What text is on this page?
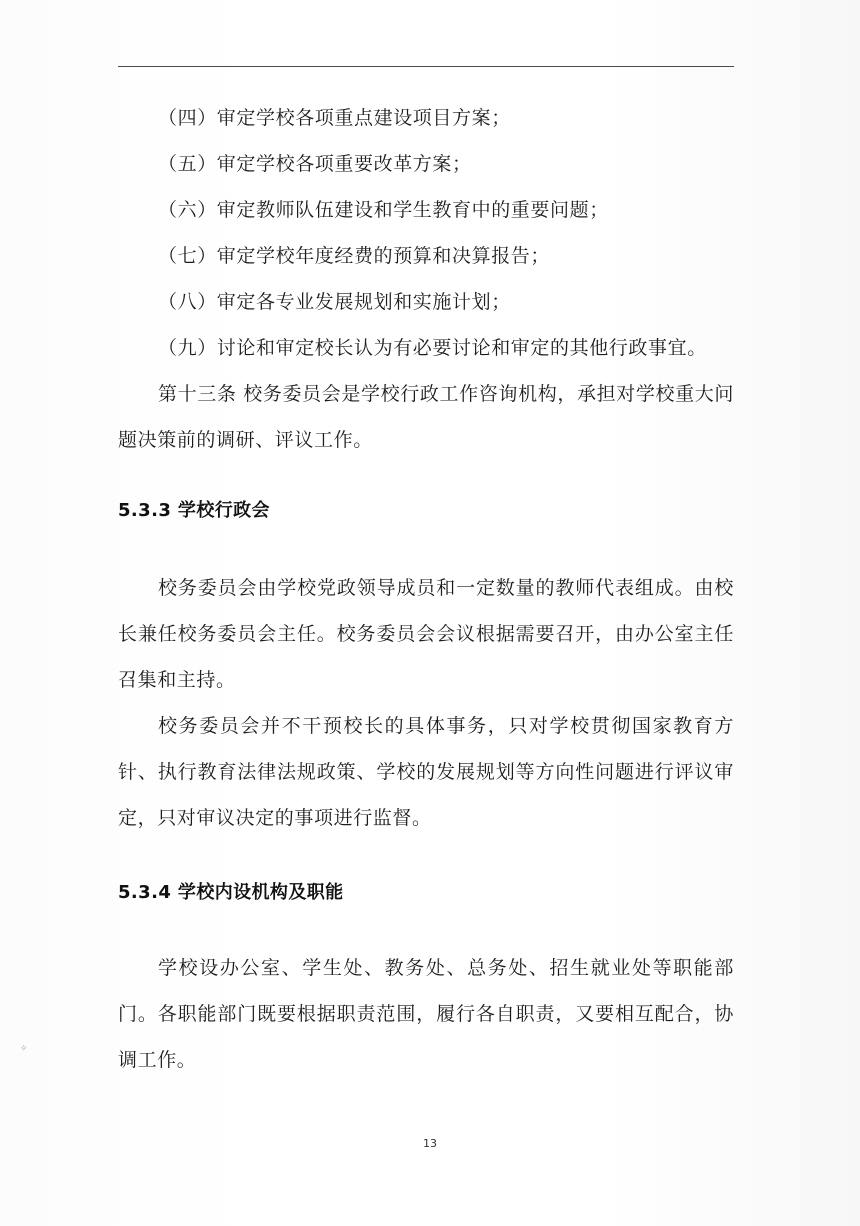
（四）审定学校各项重点建设项目方案；
（五）审定学校各项重要改革方案；
（六）审定教师队伍建设和学生教育中的重要问题；
（七）审定学校年度经费的预算和决算报告；
（八）审定各专业发展规划和实施计划；
（九）讨论和审定校长认为有必要讨论和审定的其他行政事宜。

第十三条 校务委员会是学校行政工作咨询机构，承担对学校重大问题决策前的调研、评议工作。

5.3.3 学校行政会

校务委员会由学校党政领导成员和一定数量的教师代表组成。由校长兼任校务委员会主任。校务委员会会议根据需要召开，由办公室主任召集和主持。

校务委员会并不干预校长的具体事务，只对学校贯彻国家教育方针、执行教育法律法规政策、学校的发展规划等方向性问题进行评议审定，只对审议决定的事项进行监督。

5.3.4 学校内设机构及职能

学校设办公室、学生处、教务处、总务处、招生就业处等职能部门。各职能部门既要根据职责范围，履行各自职责，又要相互配合，协调工作。

✧
13
